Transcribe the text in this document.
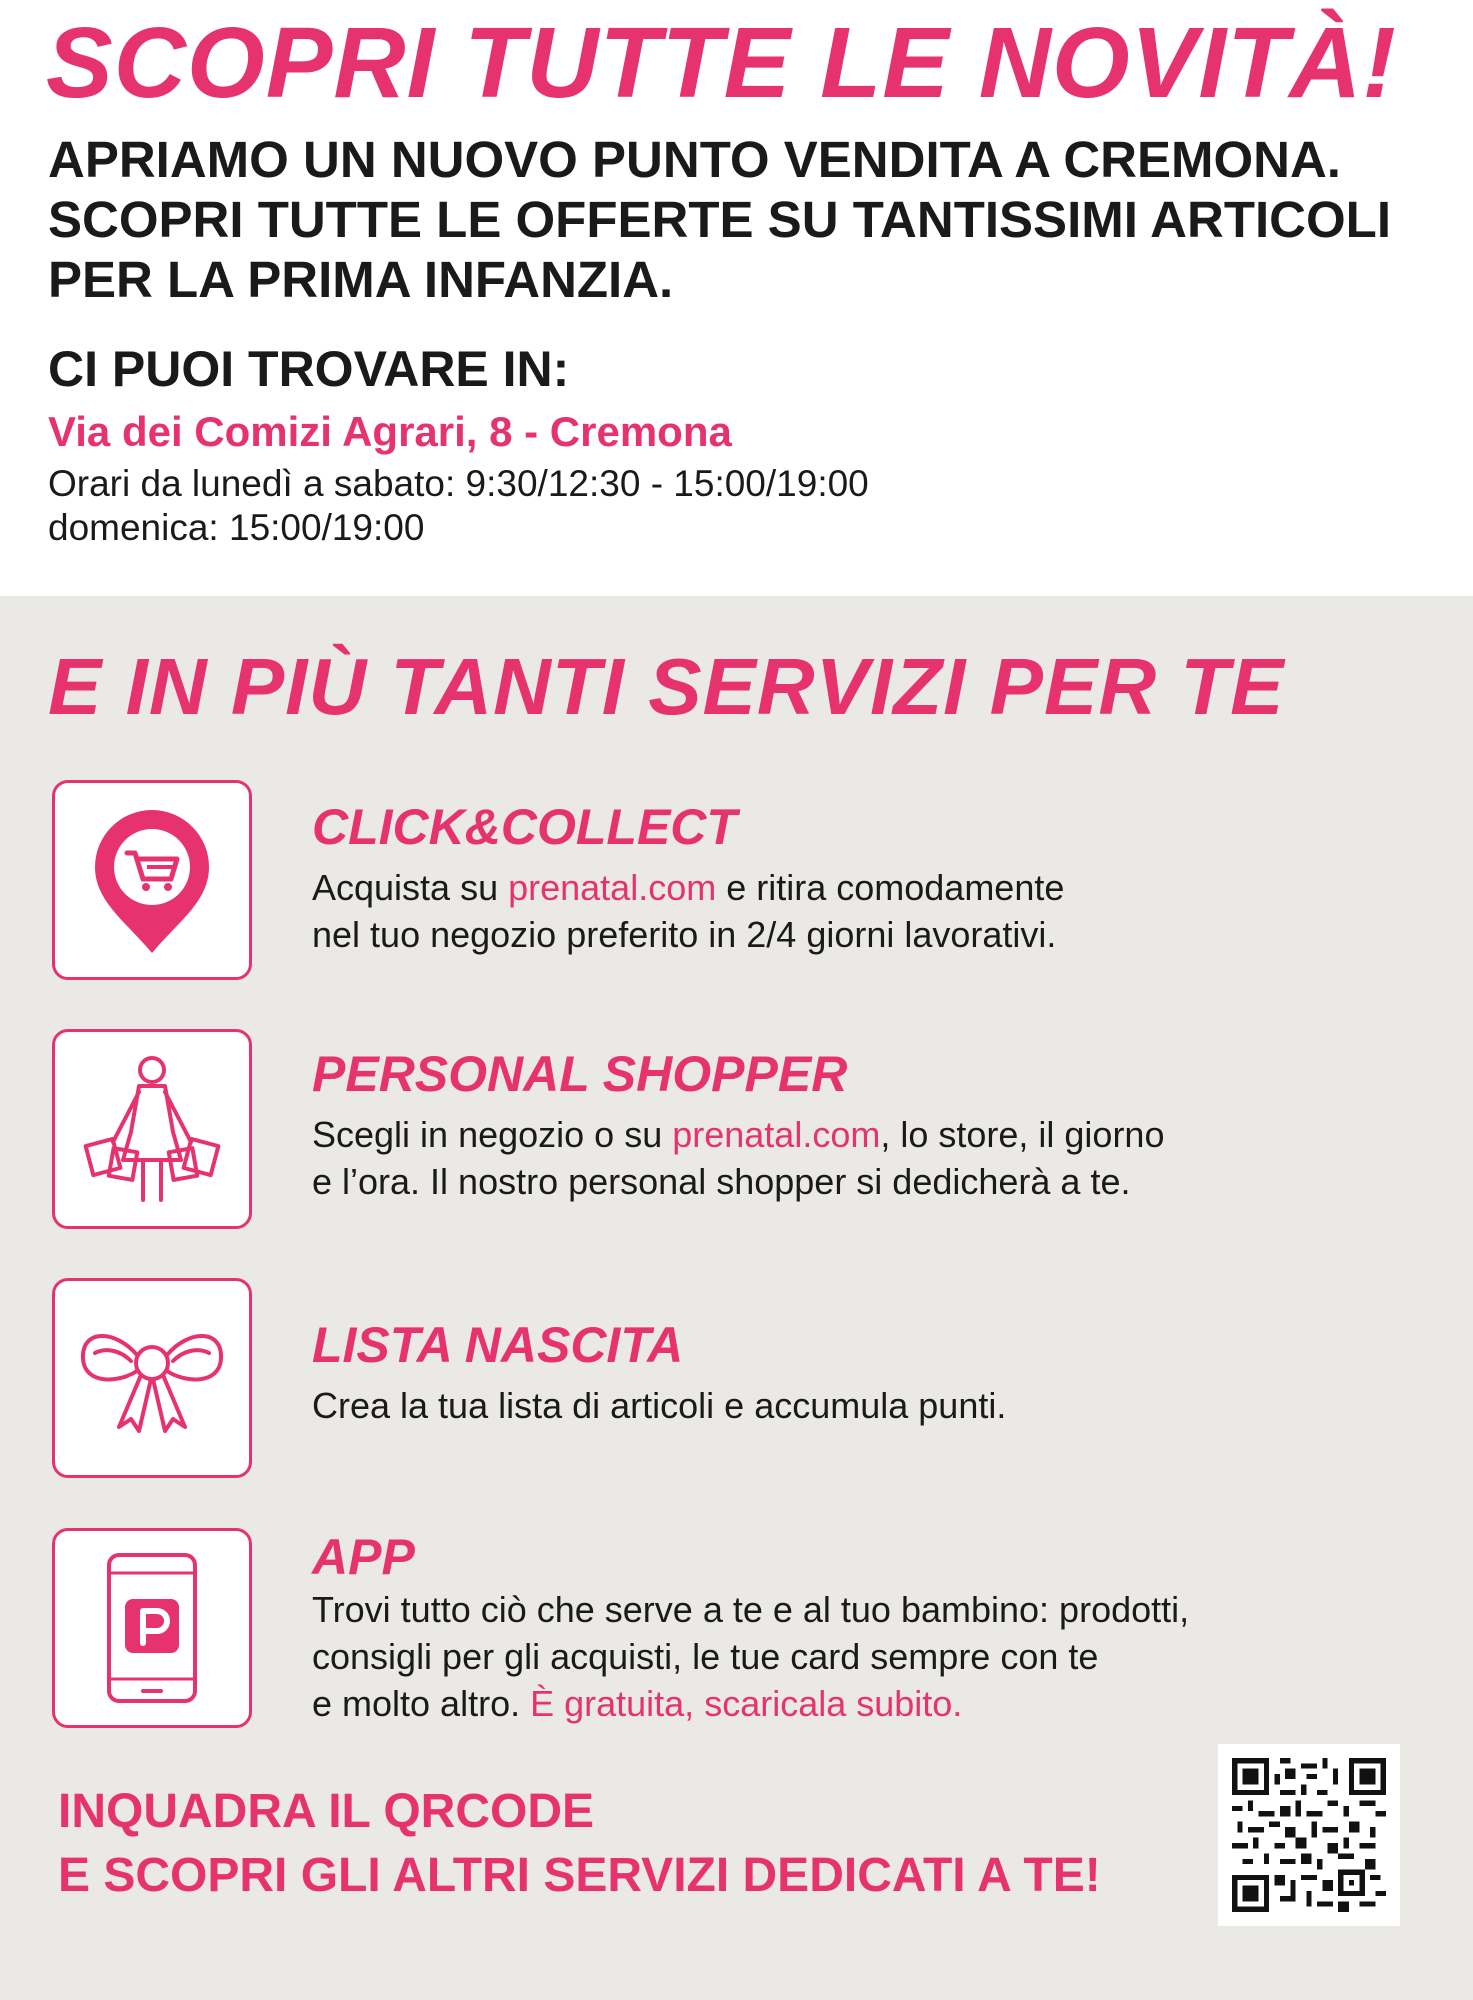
SCOPRI TUTTE LE NOVITÀ!
APRIAMO UN NUOVO PUNTO VENDITA A CREMONA.
SCOPRI TUTTE LE OFFERTE SU TANTISSIMI ARTICOLI
PER LA PRIMA INFANZIA.
CI PUOI TROVARE IN:
Via dei Comizi Agrari, 8 - Cremona
Orari da lunedì a sabato: 9:30/12:30 - 15:00/19:00
domenica: 15:00/19:00
E IN PIÙ TANTI SERVIZI PER TE
CLICK&COLLECT
Acquista su prenatal.com e ritira comodamente
nel tuo negozio preferito in 2/4 giorni lavorativi.
PERSONAL SHOPPER
Scegli in negozio o su prenatal.com, lo store, il giorno
e l’ora. Il nostro personal shopper si dedicherà a te.
LISTA NASCITA
Crea la tua lista di articoli e accumula punti.
APP
Trovi tutto ciò che serve a te e al tuo bambino: prodotti,
consigli per gli acquisti, le tue card sempre con te
e molto altro. È gratuita, scaricala subito.
INQUADRA IL QRCODE
E SCOPRI GLI ALTRI SERVIZI DEDICATI A TE!
